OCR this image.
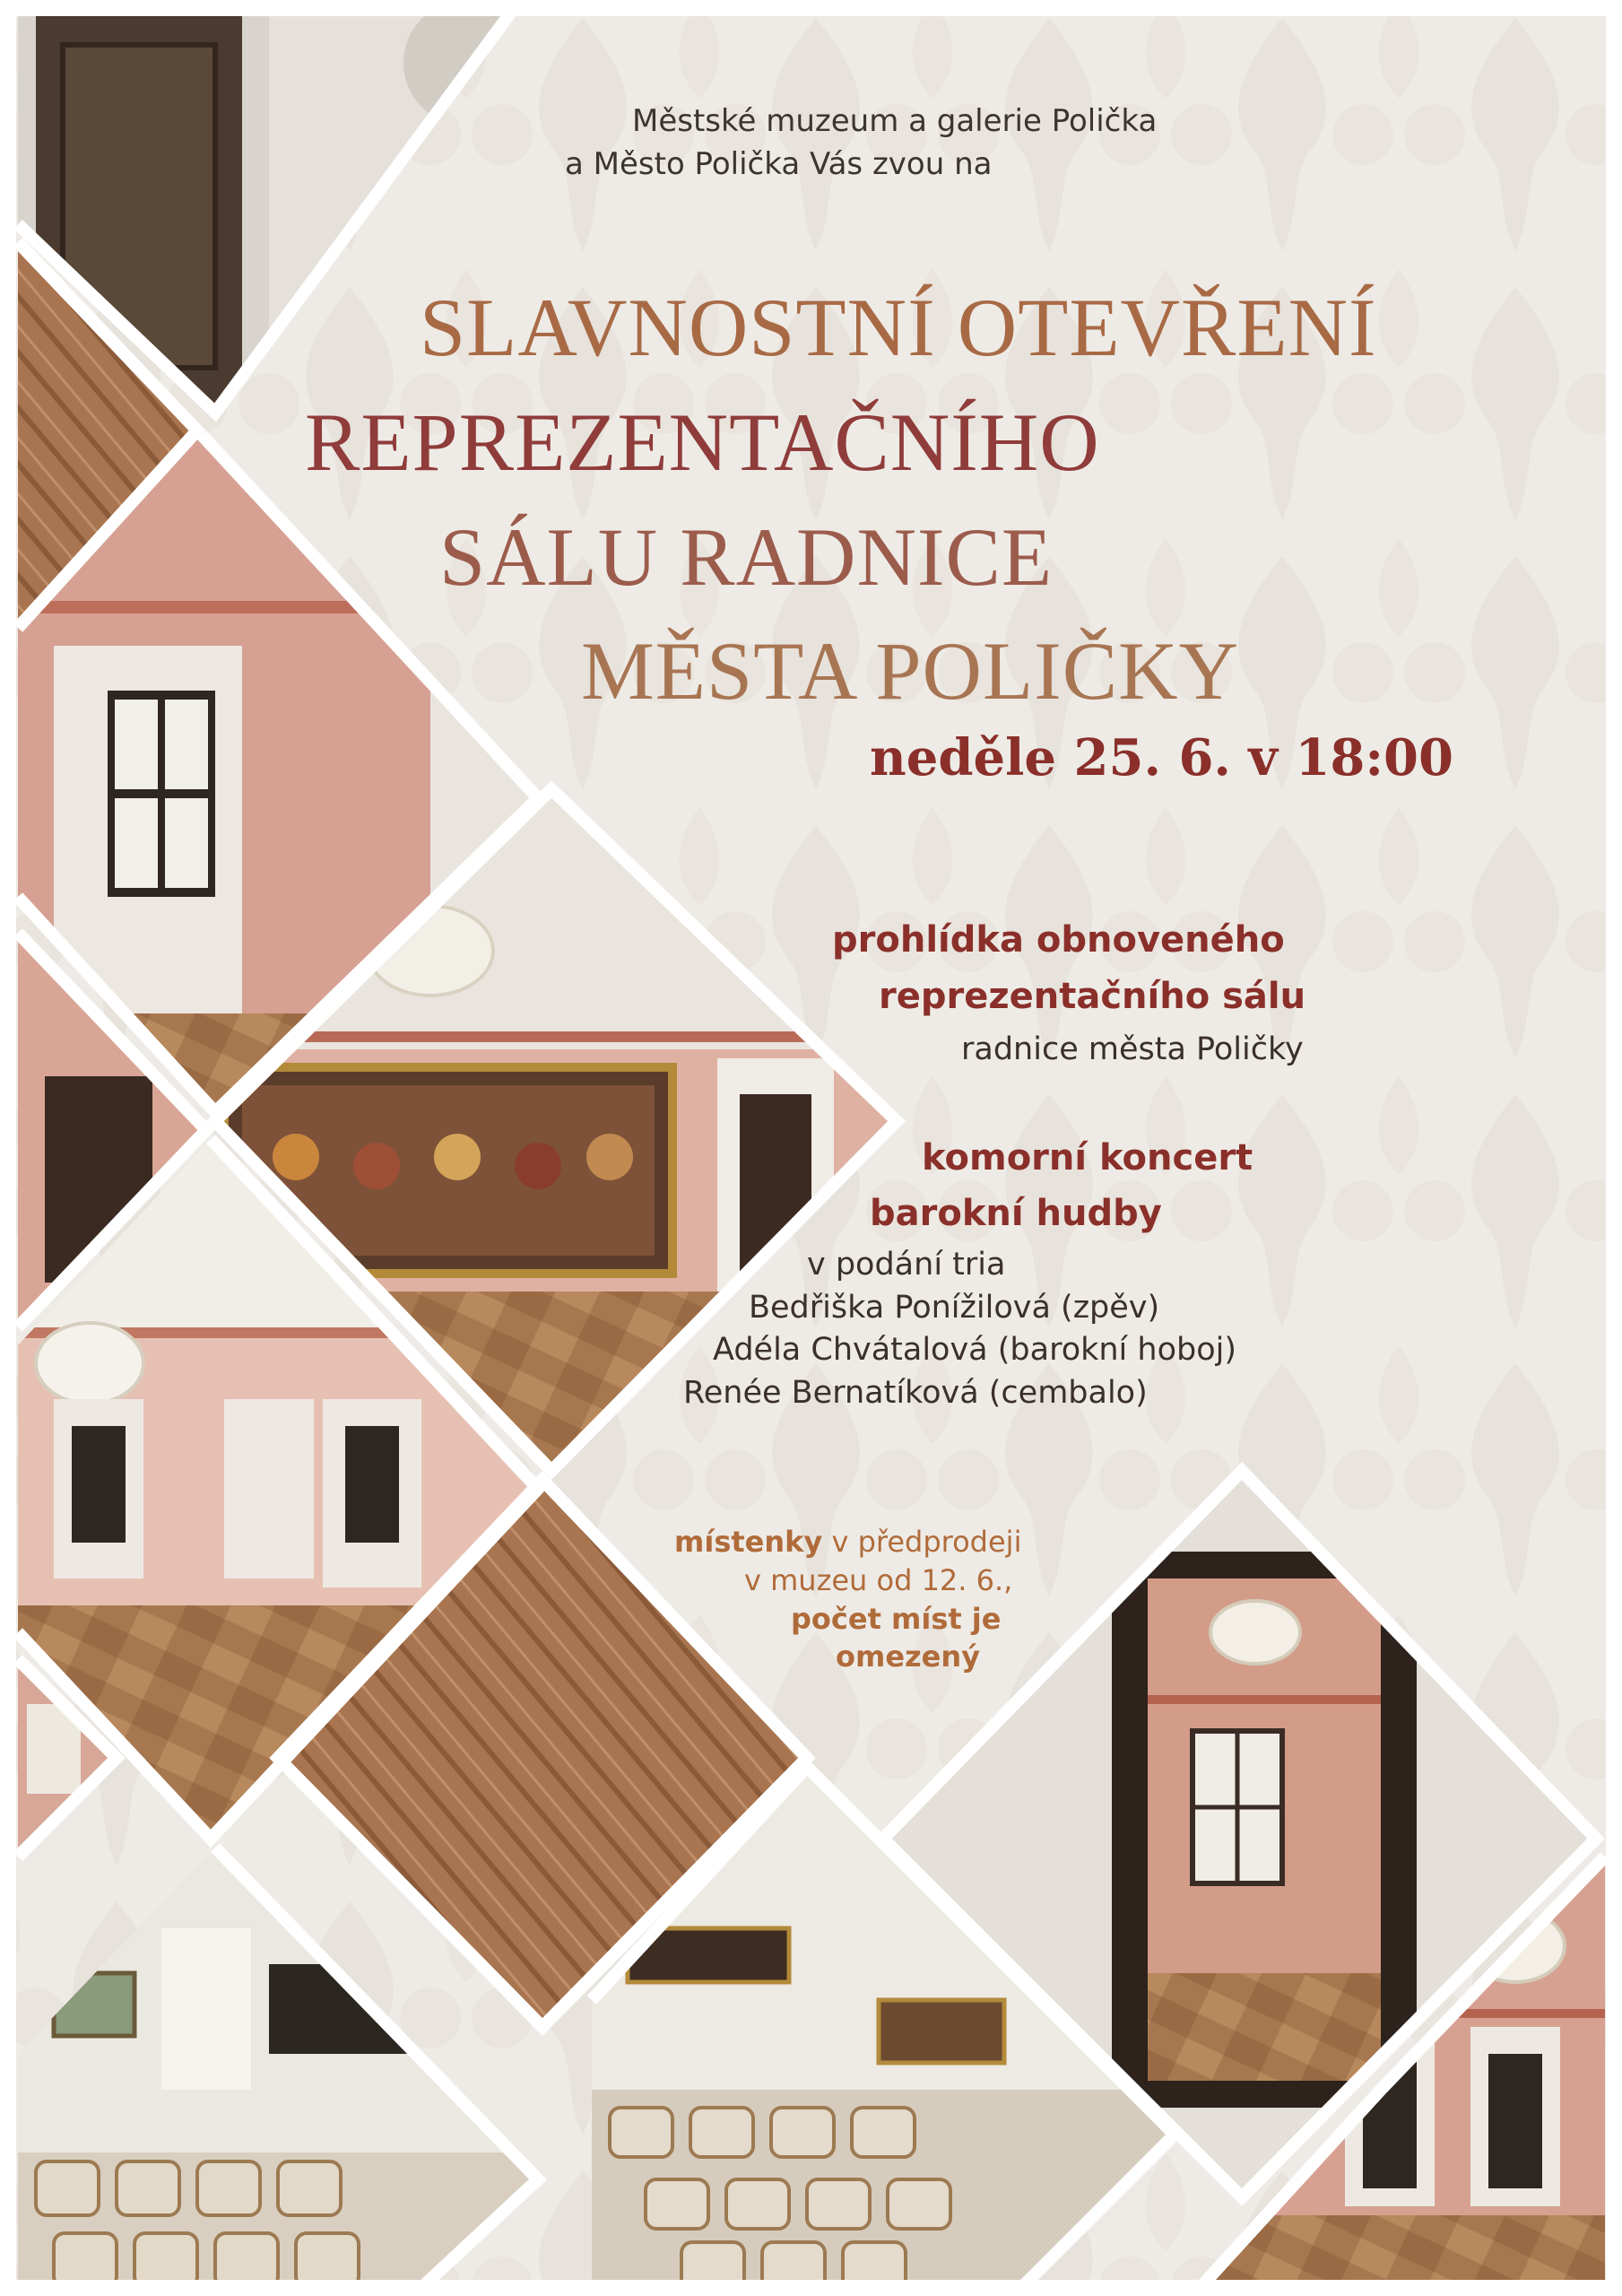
Městské muzeum a galerie Polička
a Město Polička Vás zvou na
SLAVNOSTNÍ OTEVŘENÍ
REPREZENTAČNÍHO
SÁLU RADNICE
MĚSTA POLIČKY
neděle 25. 6. v 18:00
prohlídka obnoveného
reprezentačního sálu
radnice města Poličky
komorní koncert
barokní hudby
v podání tria
Bedřiška Ponížilová (zpěv)
Adéla Chvátalová (barokní hoboj)
Renée Bernatíková (cembalo)
místenky v předprodeji
v muzeu od 12. 6.,
počet míst je
omezený
